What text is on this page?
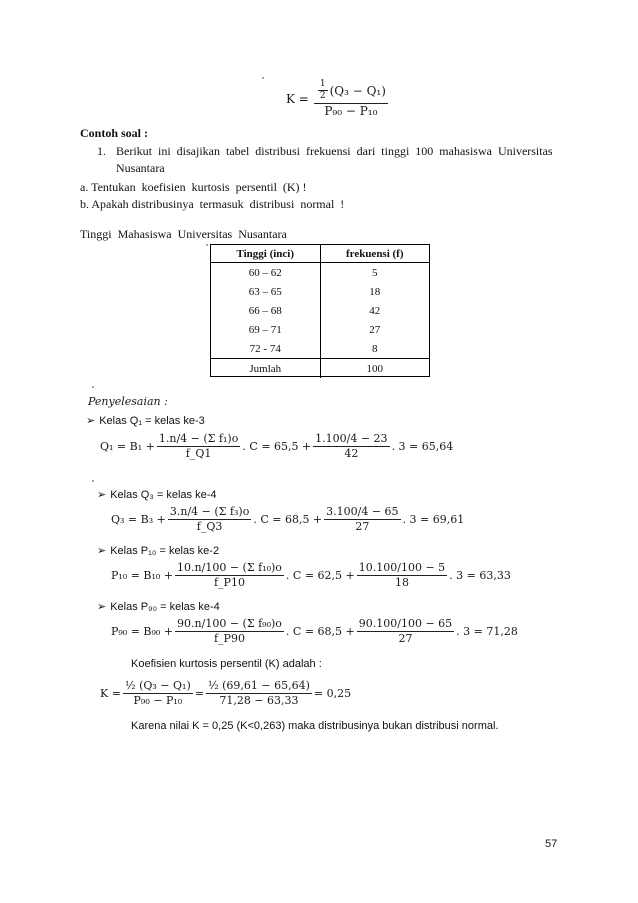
$K = \frac{\frac{1}{2} (Q_3 - Q_1)}{\text{P₉₀ − P₁₀}}$
Contoh soal :
1. Berikut  ini  disajikan  tabel  distribusi  frekuensi  dari  tinggi  100  mahasiswa  Universitas
Nusantara
a. Tentukan  koefisien  kurtosis  persentil  (K) !
b. Apakah distribusinya  termasuk  distribusi  normal  !
Tinggi  Mahasiswa  Universitas  Nusantara
Tinggi (inci)	frekuensi (f)
60 – 62	5
63 – 65	18
66 – 68	42
69 – 71	27
72 - 74	8
Jumlah	100
Penyelesaian :
➢ Kelas Q₁ = kelas ke-3
$Q_1 = B_1 + \frac{\text{1.n/4 − (Σ f₁)o}}{f\_Q1}$ . $C = 65,5 + \frac{1.100/4 - 23}{42}$ . 3 = 65,64
➢ Kelas Q₃ = kelas ke-4
$Q_3 = B_3 + \frac{\text{3.n/4 − (Σ f₃)o}}{f\_Q3}$ . $C = 68,5 + \frac{3.100/4 - 65}{27}$ . 3 = 69,61
➢ Kelas P₁₀ = kelas ke-2
$P_{10} = B_{10} + \frac{\text{10.n/100 − (Σ f₁₀)o}}{f\_P10}$ . $C = 62,5 + \frac{10.100/100 - 5}{18}$ . 3 = 63,33
➢ Kelas P₉₀ = kelas ke-4
$P_{90} = B_{90} + \frac{\text{90.n/100 − (Σ f₉₀)o}}{f\_P90}$ . $C = 68,5 + \frac{90.100/100 - 65}{27}$ . 3 = 71,28
Koefisien kurtosis persentil (K) adalah :
$K = \frac{\text{½ (Q₃ − Q₁)}}{\text{P₉₀ − P₁₀}} = \frac{\text{½ (69,61 − 65,64)}}{71,28 - 63,33} = 0,25$
Karena nilai K = 0,25 (K<0,263) maka distribusinya bukan distribusi normal.
57
